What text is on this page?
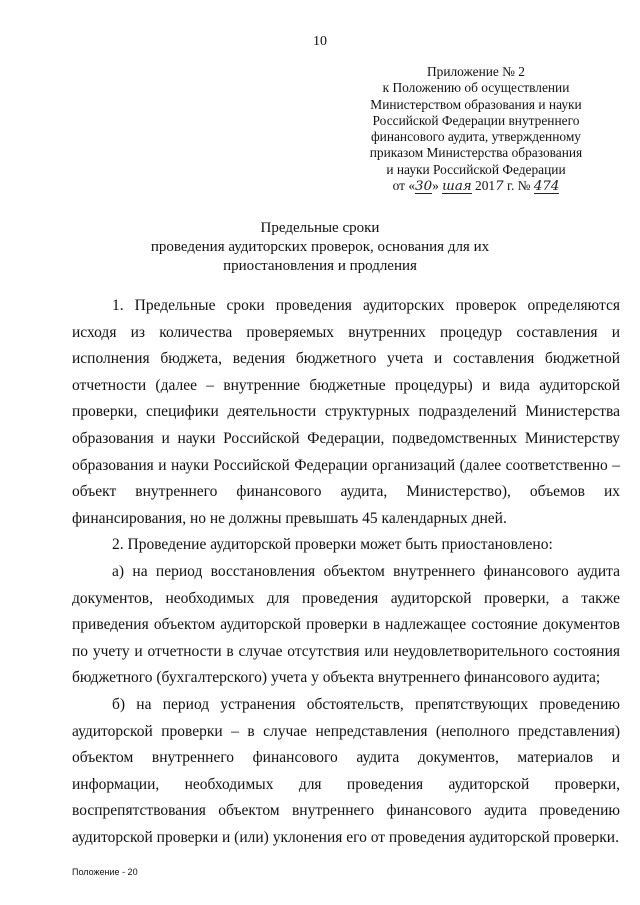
10
Приложение № 2
к Положению об осуществлении
Министерством образования и науки
Российской Федерации внутреннего
финансового аудита, утвержденному
приказом Министерства образования
и науки Российской Федерации
от «30» шая 2017 г. № 474
Предельные сроки
проведения аудиторских проверок, основания для их
приостановления и продления

1. Предельные сроки проведения аудиторских проверок определяются исходя из количества проверяемых внутренних процедур составления и исполнения бюджета, ведения бюджетного учета и составления бюджетной отчетности (далее – внутренние бюджетные процедуры) и вида аудиторской проверки, специфики деятельности структурных подразделений Министерства образования и науки Российской Федерации, подведомственных Министерству образования и науки Российской Федерации организаций (далее соответственно – объект внутреннего финансового аудита, Министерство), объемов их финансирования, но не должны превышать 45 календарных дней.

2. Проведение аудиторской проверки может быть приостановлено:

а) на период восстановления объектом внутреннего финансового аудита документов, необходимых для проведения аудиторской проверки, а также приведения объектом аудиторской проверки в надлежащее состояние документов по учету и отчетности в случае отсутствия или неудовлетворительного состояния бюджетного (бухгалтерского) учета у объекта внутреннего финансового аудита;

б) на период устранения обстоятельств, препятствующих проведению аудиторской проверки – в случае непредставления (неполного представления) объектом внутреннего финансового аудита документов, материалов и информации, необходимых для проведения аудиторской проверки, воспрепятствования объектом внутреннего финансового аудита проведению аудиторской проверки и (или) уклонения его от проведения аудиторской проверки.

Положение - 20
